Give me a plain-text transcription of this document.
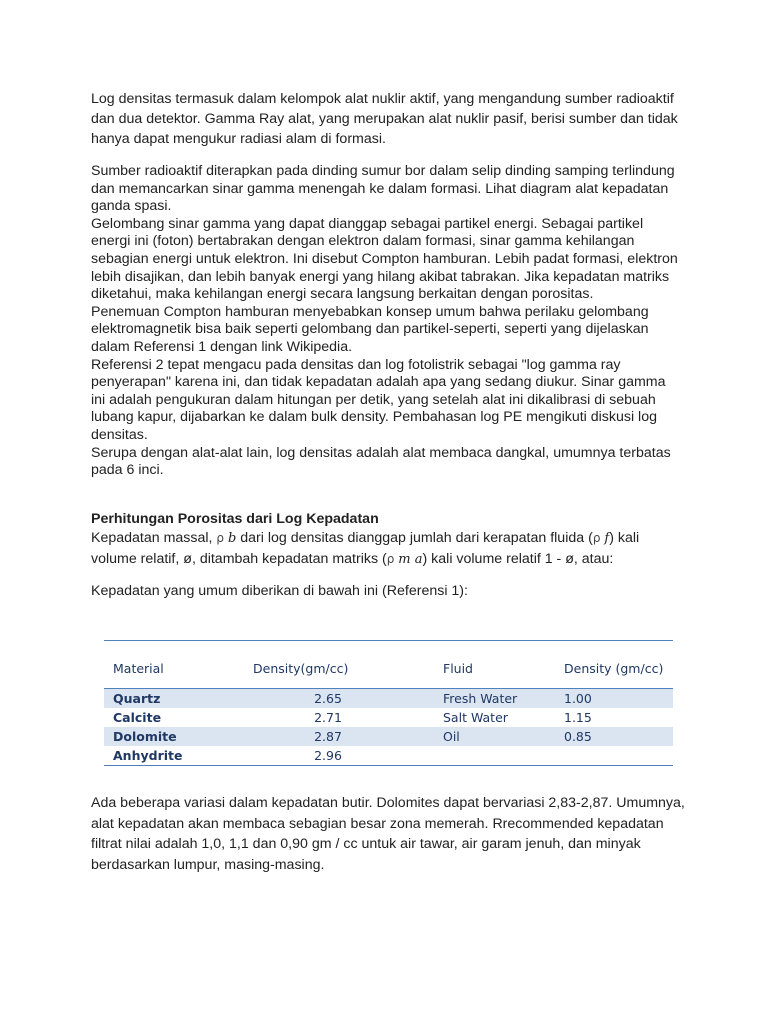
Log densitas termasuk dalam kelompok alat nuklir aktif, yang mengandung sumber radioaktif dan dua detektor. Gamma Ray alat, yang merupakan alat nuklir pasif, berisi sumber dan tidak hanya dapat mengukur radiasi alam di formasi.

Sumber radioaktif diterapkan pada dinding sumur bor dalam selip dinding samping terlindung dan memancarkan sinar gamma menengah ke dalam formasi. Lihat diagram alat kepadatan ganda spasi.

Gelombang sinar gamma yang dapat dianggap sebagai partikel energi. Sebagai partikel energi ini (foton) bertabrakan dengan elektron dalam formasi, sinar gamma kehilangan sebagian energi untuk elektron. Ini disebut Compton hamburan. Lebih padat formasi, elektron lebih disajikan, dan lebih banyak energi yang hilang akibat tabrakan. Jika kepadatan matriks diketahui, maka kehilangan energi secara langsung berkaitan dengan porositas.

Penemuan Compton hamburan menyebabkan konsep umum bahwa perilaku gelombang elektromagnetik bisa baik seperti gelombang dan partikel-seperti, seperti yang dijelaskan dalam Referensi 1 dengan link Wikipedia.

Referensi 2 tepat mengacu pada densitas dan log fotolistrik sebagai "log gamma ray penyerapan" karena ini, dan tidak kepadatan adalah apa yang sedang diukur. Sinar gamma ini adalah pengukuran dalam hitungan per detik, yang setelah alat ini dikalibrasi di sebuah lubang kapur, dijabarkan ke dalam bulk density. Pembahasan log PE mengikuti diskusi log densitas.

Serupa dengan alat-alat lain, log densitas adalah alat membaca dangkal, umumnya terbatas pada 6 inci.

Perhitungan Porositas dari Log Kepadatan

Kepadatan massal, ρ b dari log densitas dianggap jumlah dari kerapatan fluida (ρ f) kali volume relatif, ø, ditambah kepadatan matriks (ρ m a) kali volume relatif 1 - ø, atau:

Kepadatan yang umum diberikan di bawah ini (Referensi 1):

Material	Density(gm/cc)	Fluid	Density (gm/cc)
Quartz	2.65	Fresh Water	1.00
Calcite	2.71	Salt Water	1.15
Dolomite	2.87	Oil	0.85
Anhydrite	2.96		

Ada beberapa variasi dalam kepadatan butir. Dolomites dapat bervariasi 2,83-2,87. Umumnya, alat kepadatan akan membaca sebagian besar zona memerah. Rrecommended kepadatan filtrat nilai adalah 1,0, 1,1 dan 0,90 gm / cc untuk air tawar, air garam jenuh, dan minyak berdasarkan lumpur, masing-masing.
